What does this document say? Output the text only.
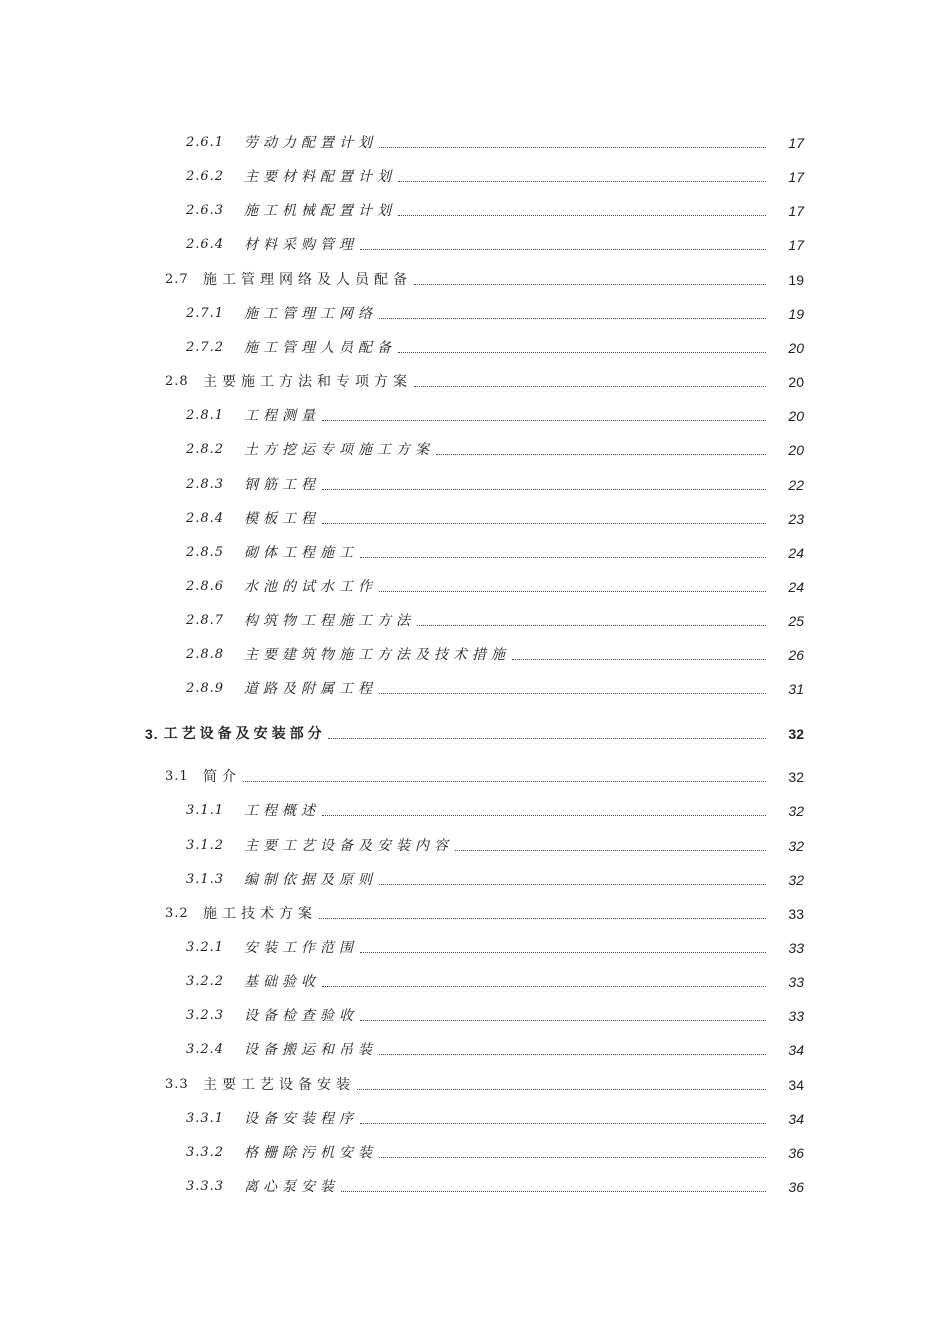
2.6.1	劳动力配置计划	17
2.6.2	主要材料配置计划	17
2.6.3	施工机械配置计划	17
2.6.4	材料采购管理	17
2.7	施工管理网络及人员配备	19
2.7.1	施工管理工网络	19
2.7.2	施工管理人员配备	20
2.8	主要施工方法和专项方案	20
2.8.1	工程测量	20
2.8.2	土方挖运专项施工方案	20
2.8.3	钢筋工程	22
2.8.4	模板工程	23
2.8.5	砌体工程施工	24
2.8.6	水池的试水工作	24
2.8.7	构筑物工程施工方法	25
2.8.8	主要建筑物施工方法及技术措施	26
2.8.9	道路及附属工程	31
3. 工艺设备及安装部分	32
3.1	简介	32
3.1.1	工程概述	32
3.1.2	主要工艺设备及安装内容	32
3.1.3	编制依据及原则	32
3.2	施工技术方案	33
3.2.1	安装工作范围	33
3.2.2	基础验收	33
3.2.3	设备检查验收	33
3.2.4	设备搬运和吊装	34
3.3	主要工艺设备安装	34
3.3.1	设备安装程序	34
3.3.2	格栅除污机安装	36
3.3.3	离心泵安装	36
